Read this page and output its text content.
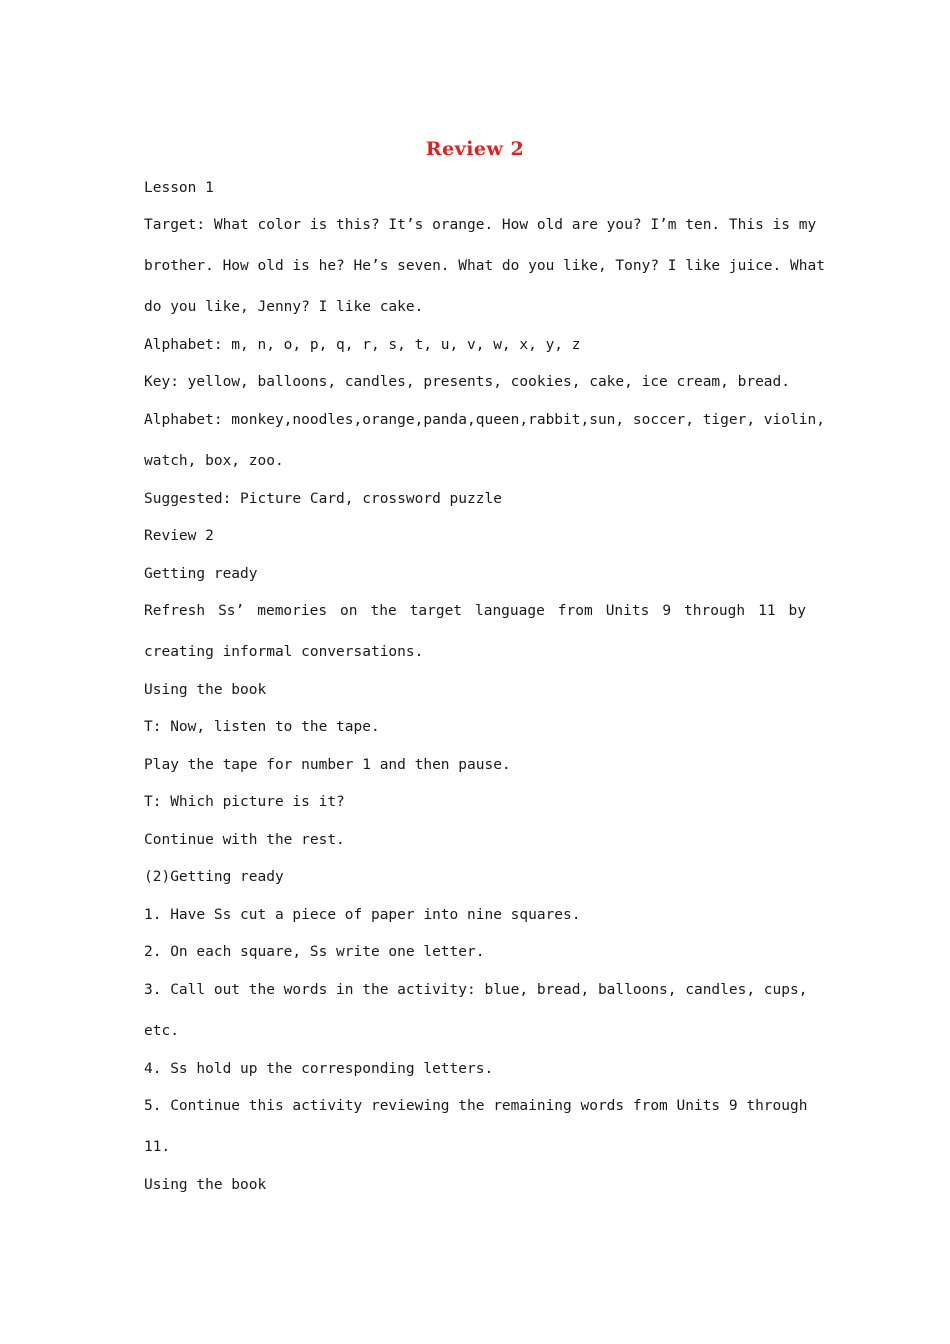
Review 2
Lesson 1
Target: What color is this? It’s orange. How old are you? I’m ten. This is my
brother. How old is he? He’s seven. What do you like, Tony? I like juice. What
do you like, Jenny? I like cake.
Alphabet: m, n, o, p, q, r, s, t, u, v, w, x, y, z
Key: yellow, balloons, candles, presents, cookies, cake, ice cream, bread.
Alphabet: monkey,noodles,orange,panda,queen,rabbit,sun, soccer, tiger, violin,
watch, box, zoo.
Suggested: Picture Card, crossword puzzle
Review 2
Getting ready
Refresh Ss’ memories on the target language from Units 9 through 11 by
creating informal conversations.
Using the book
T: Now, listen to the tape.
Play the tape for number 1 and then pause.
T: Which picture is it?
Continue with the rest.
(2)Getting ready
1. Have Ss cut a piece of paper into nine squares.
2. On each square, Ss write one letter.
3. Call out the words in the activity: blue, bread, balloons, candles, cups,
etc.
4. Ss hold up the corresponding letters.
5. Continue this activity reviewing the remaining words from Units 9 through
11.
Using the book
